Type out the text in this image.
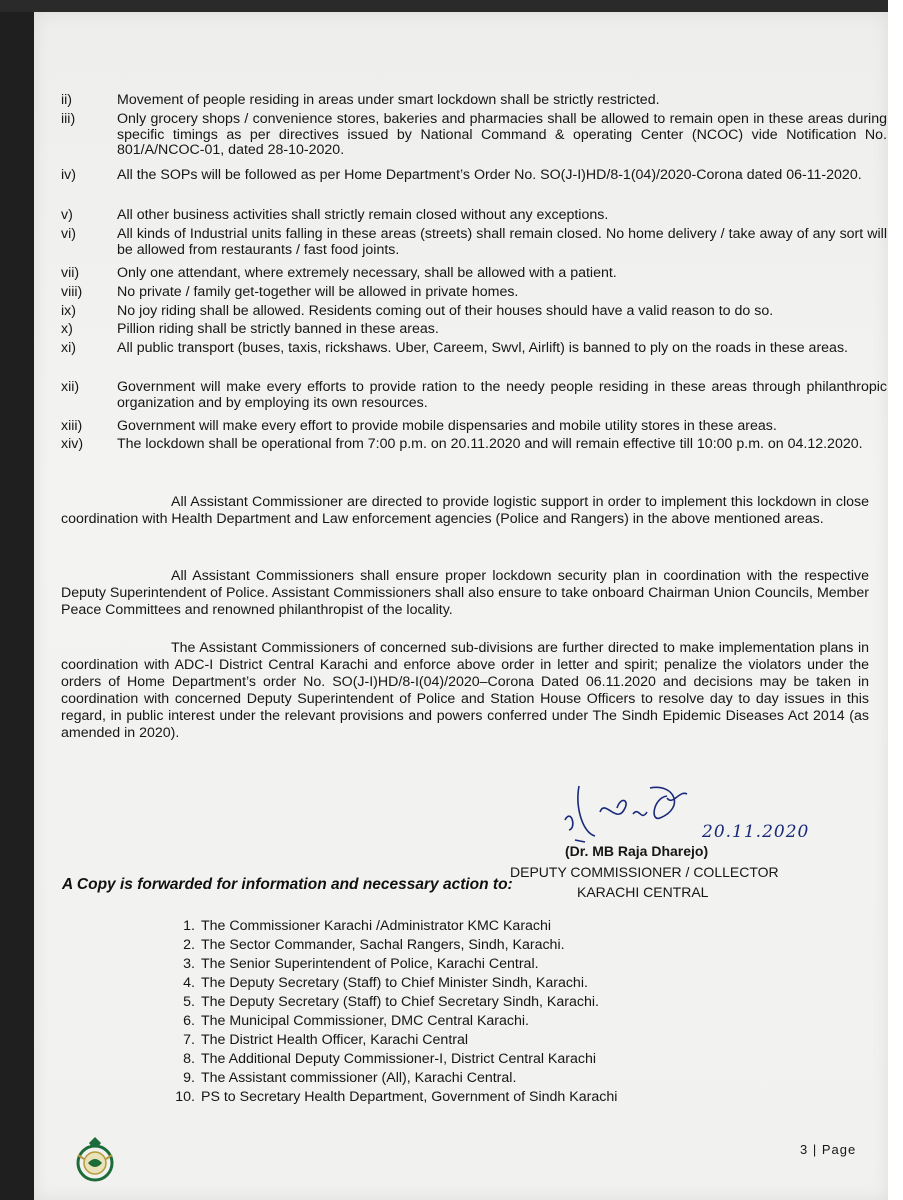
ii)	Movement of people residing in areas under smart lockdown shall be strictly restricted.
iii)	Only grocery shops / convenience stores, bakeries and pharmacies shall be allowed to remain open in these areas during specific timings as per directives issued by National Command & operating Center (NCOC) vide Notification No. 801/A/NCOC-01, dated 28-10-2020.
iv)	All the SOPs will be followed as per Home Department’s Order No. SO(J-I)HD/8-1(04)/2020-Corona dated 06-11-2020.
v)	All other business activities shall strictly remain closed without any exceptions.
vi)	All kinds of Industrial units falling in these areas (streets) shall remain closed. No home delivery / take away of any sort will be allowed from restaurants / fast food joints.
vii)	Only one attendant, where extremely necessary, shall be allowed with a patient.
viii)	No private / family get-together will be allowed in private homes.
ix)	No joy riding shall be allowed. Residents coming out of their houses should have a valid reason to do so.
x)	Pillion riding shall be strictly banned in these areas.
xi)	All public transport (buses, taxis, rickshaws. Uber, Careem, Swvl, Airlift) is banned to ply on the roads in these areas.
xii)	Government will make every efforts to provide ration to the needy people residing in these areas through philanthropic organization and by employing its own resources.
xiii)	Government will make every effort to provide mobile dispensaries and mobile utility stores in these areas.
xiv)	The lockdown shall be operational from 7:00 p.m. on 20.11.2020 and will remain effective till 10:00 p.m. on 04.12.2020.
All Assistant Commissioner are directed to provide logistic support in order to implement this lockdown in close coordination with Health Department and Law enforcement agencies (Police and Rangers) in the above mentioned areas.
All Assistant Commissioners shall ensure proper lockdown security plan in coordination with the respective Deputy Superintendent of Police. Assistant Commissioners shall also ensure to take onboard Chairman Union Councils, Member Peace Committees and renowned philanthropist of the locality.
The Assistant Commissioners of concerned sub-divisions are further directed to make implementation plans in coordination with ADC-I District Central Karachi and enforce above order in letter and spirit; penalize the violators under the orders of Home Department’s order No. SO(J-I)HD/8-I(04)/2020–Corona Dated 06.11.2020 and decisions may be taken in coordination with concerned Deputy Superintendent of Police and Station House Officers to resolve day to day issues in this regard, in public interest under the relevant provisions and powers conferred under The Sindh Epidemic Diseases Act 2014 (as amended in 2020).
20.11.2020
(Dr. MB Raja Dharejo)
DEPUTY COMMISSIONER / COLLECTOR
KARACHI CENTRAL
A Copy is forwarded for information and necessary action to:
1. The Commissioner Karachi /Administrator KMC Karachi
2. The Sector Commander, Sachal Rangers, Sindh, Karachi.
3. The Senior Superintendent of Police, Karachi Central.
4. The Deputy Secretary (Staff) to Chief Minister Sindh, Karachi.
5. The Deputy Secretary (Staff) to Chief Secretary Sindh, Karachi.
6. The Municipal Commissioner, DMC Central Karachi.
7. The District Health Officer, Karachi Central
8. The Additional Deputy Commissioner-I, District Central Karachi
9. The Assistant commissioner (All), Karachi Central.
10. PS to Secretary Health Department, Government of Sindh Karachi
3 | Page
